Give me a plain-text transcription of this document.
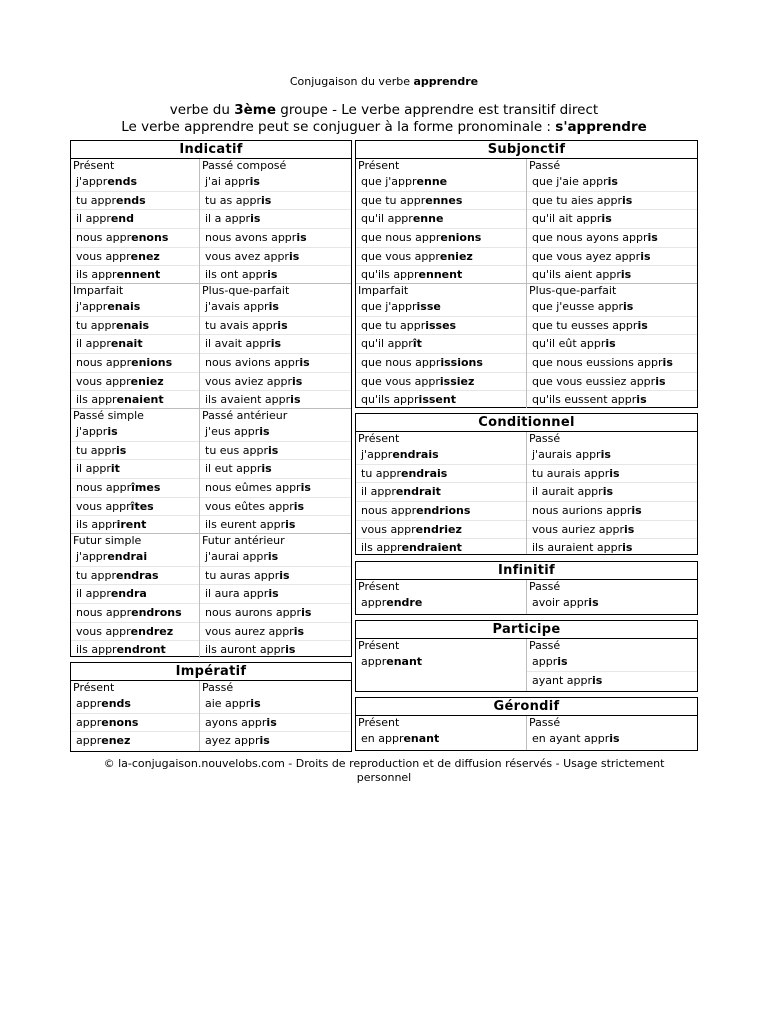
Conjugaison du verbe apprendre
verbe du 3ème groupe - Le verbe apprendre est transitif direct
Le verbe apprendre peut se conjuguer à la forme pronominale : s'apprendre
Indicatif
Présent
j'apprends
tu apprends
il apprend
nous apprenons
vous apprenez
ils apprennent
Passé composé
j'ai appris
tu as appris
il a appris
nous avons appris
vous avez appris
ils ont appris
Imparfait
j'apprenais
tu apprenais
il apprenait
nous apprenions
vous appreniez
ils apprenaient
Plus-que-parfait
j'avais appris
tu avais appris
il avait appris
nous avions appris
vous aviez appris
ils avaient appris
Passé simple
j'appris
tu appris
il apprit
nous apprîmes
vous apprîtes
ils apprirent
Passé antérieur
j'eus appris
tu eus appris
il eut appris
nous eûmes appris
vous eûtes appris
ils eurent appris
Futur simple
j'apprendrai
tu apprendras
il apprendra
nous apprendrons
vous apprendrez
ils apprendront
Futur antérieur
j'aurai appris
tu auras appris
il aura appris
nous aurons appris
vous aurez appris
ils auront appris
Impératif
Présent
apprends
apprenons
apprenez
Passé
aie appris
ayons appris
ayez appris
Subjonctif
Présent
que j'apprenne
que tu apprennes
qu'il apprenne
que nous apprenions
que vous appreniez
qu'ils apprennent
Passé
que j'aie appris
que tu aies appris
qu'il ait appris
que nous ayons appris
que vous ayez appris
qu'ils aient appris
Imparfait
que j'apprisse
que tu apprisses
qu'il apprît
que nous apprissions
que vous apprissiez
qu'ils apprissent
Plus-que-parfait
que j'eusse appris
que tu eusses appris
qu'il eût appris
que nous eussions appris
que vous eussiez appris
qu'ils eussent appris
Conditionnel
Présent
j'apprendrais
tu apprendrais
il apprendrait
nous apprendrions
vous apprendriez
ils apprendraient
Passé
j'aurais appris
tu aurais appris
il aurait appris
nous aurions appris
vous auriez appris
ils auraient appris
Infinitif
Présent
apprendre
Passé
avoir appris
Participe
Présent
apprenant
Passé
appris
ayant appris
Gérondif
Présent
en apprenant
Passé
en ayant appris
© la-conjugaison.nouvelobs.com - Droits de reproduction et de diffusion réservés - Usage strictement personnel
